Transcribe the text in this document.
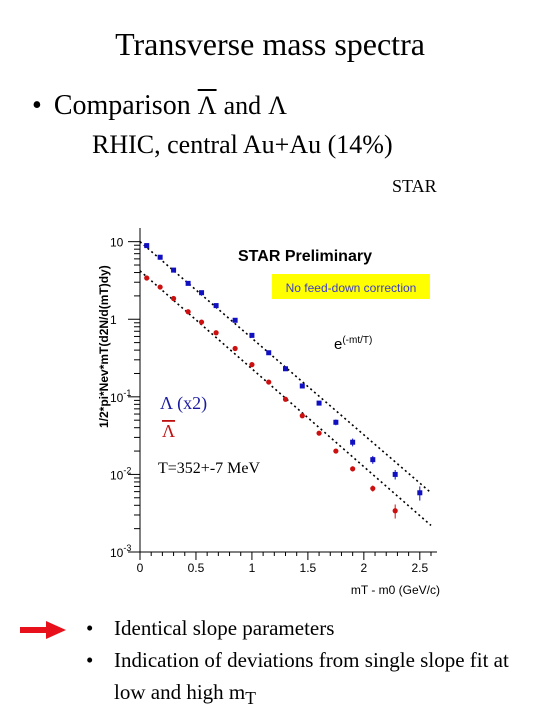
Transverse mass spectra
• Comparison $\overline{\Lambda}$ and Λ
RHIC, central Au+Au (14%)
STAR
No feed-down correction
STAR Preliminary
$e^{(-mt/T)}$
1/2*pi*Nev*mT(d2N/d(mT)dy)
mT - m0 (GeV/c)
Λ (x2)
Λ
T=352+-7 MeV
0	0.5	1	1.5	2	2.5
$10^{-3}$
$10^{-2}$
$10^{-1}$
1
10
• Identical slope parameters
• Indication of deviations from single slope fit at low and high $m_T$
